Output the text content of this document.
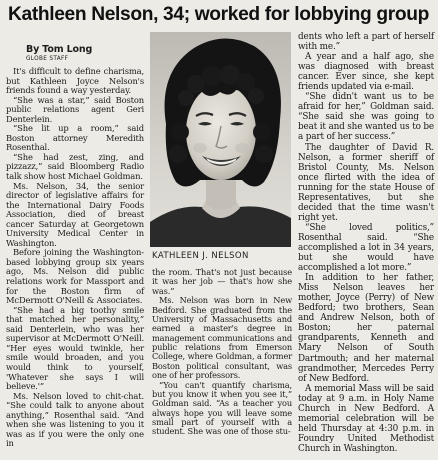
Kathleen Nelson, 34; worked for lobbying group
By Tom Long
GLOBE STAFF

It's difficult to define charisma, but Kathleen Joyce Nelson's friends found a way yesterday.

“She was a star,” said Boston public relations agent Geri Denterlein.

“She lit up a room,” said Boston attorney Meredith Rosenthal.

“She had zest, zing, and pizzazz,” said Bloomberg Radio talk show host Michael Goldman.

Ms. Nelson, 34, the senior director of legislative affairs for the International Dairy Foods Association, died of breast cancer Saturday at Georgetown University Medical Center in Washington.

Before joining the Washington-based lobbying group six years ago, Ms. Nelson did public relations work for Massport and for the Boston firm of McDermott O'Neill & Associates.

“She had a big toothy smile that matched her personality,” said Denterlein, who was her supervisor at McDermott O'Neill. “Her eyes would twinkle, her smile would broaden, and you would think to yourself, 'Whatever she says I will believe.'”

Ms. Nelson loved to chit-chat. “She could talk to anyone about anything,” Rosenthal said. “And when she was listening to you it was as if you were the only one in

KATHLEEN J. NELSON

the room. That's not just because it was her job — that's how she was.”

Ms. Nelson was born in New Bedford. She graduated from the University of Massachusetts and earned a master's degree in management communications and public relations from Emerson College, where Goldman, a former Boston political consultant, was one of her professors.

“You can't quantify charisma, but you know it when you see it,” Goldman said. “As a teacher you always hope you will leave some small part of yourself with a student. She was one of those stu-

dents who left a part of herself with me.”

A year and a half ago, she was diagnosed with breast cancer. Ever since, she kept friends updated via e-mail.

“She didn't want us to be afraid for her,” Goldman said. “She said she was going to beat it and she wanted us to be a part of her success.”

The daughter of David R. Nelson, a former sheriff of Bristol County, Ms. Nelson once flirted with the idea of running for the state House of Representatives, but she decided that the time wasn't right yet.

“She loved politics,” Rosenthal said. “She accomplished a lot in 34 years, but she would have accomplished a lot more.”

In addition to her father, Miss Nelson leaves her mother, Joyce (Perry) of New Bedford; two brothers, Sean and Andrew Nelson, both of Boston; her paternal grandparents, Kenneth and Mary Nelson of South Dartmouth; and her maternal grandmother, Mercedes Perry of New Bedford.

A memorial Mass will be said today at 9 a.m. in Holy Name Church in New Bedford. A memorial celebration will be held Thursday at 4:30 p.m. in Foundry United Methodist Church in Washington.
